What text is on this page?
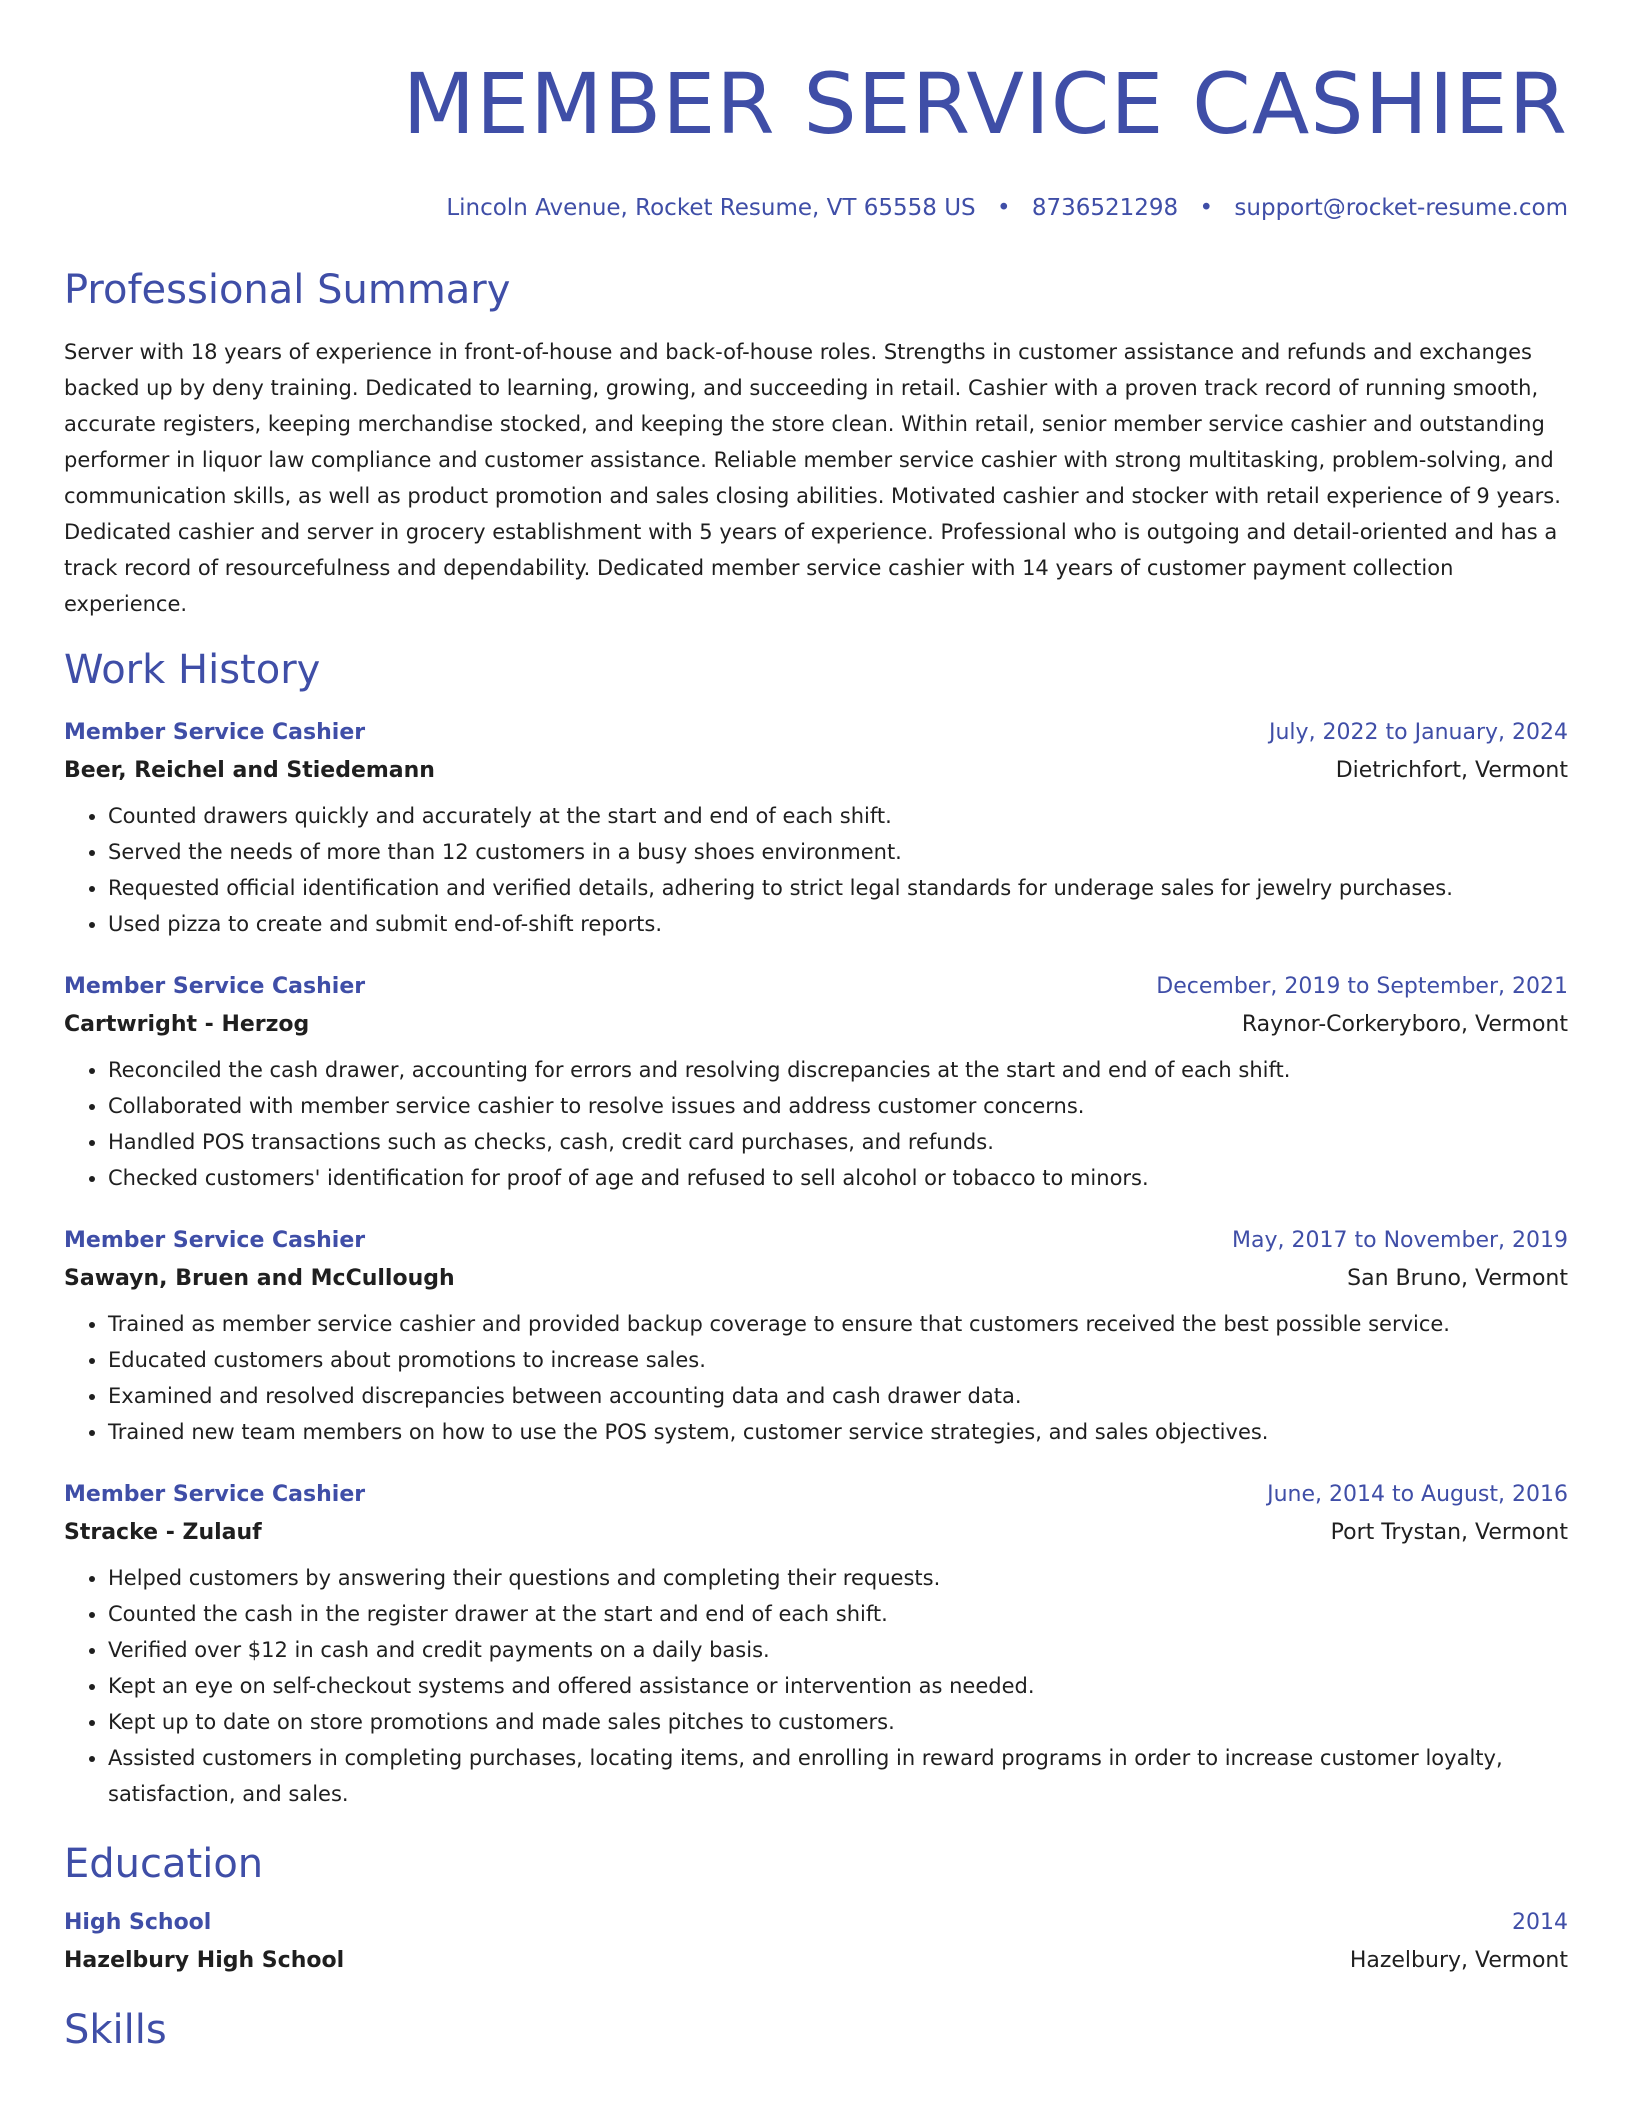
MEMBER SERVICE CASHIER
Lincoln Avenue, Rocket Resume, VT 65558 US • 8736521298 • support@rocket-resume.com
Professional Summary
Server with 18 years of experience in front-of-house and back-of-house roles. Strengths in customer assistance and refunds and exchanges backed up by deny training. Dedicated to learning, growing, and succeeding in retail. Cashier with a proven track record of running smooth, accurate registers, keeping merchandise stocked, and keeping the store clean. Within retail, senior member service cashier and outstanding performer in liquor law compliance and customer assistance. Reliable member service cashier with strong multitasking, problem-solving, and communication skills, as well as product promotion and sales closing abilities. Motivated cashier and stocker with retail experience of 9 years. Dedicated cashier and server in grocery establishment with 5 years of experience. Professional who is outgoing and detail-oriented and has a track record of resourcefulness and dependability. Dedicated member service cashier with 14 years of customer payment collection experience.
Work History
Member Service Cashier	July, 2022 to January, 2024
Beer, Reichel and Stiedemann	Dietrichfort, Vermont
• Counted drawers quickly and accurately at the start and end of each shift.
• Served the needs of more than 12 customers in a busy shoes environment.
• Requested official identification and verified details, adhering to strict legal standards for underage sales for jewelry purchases.
• Used pizza to create and submit end-of-shift reports.
Member Service Cashier	December, 2019 to September, 2021
Cartwright - Herzog	Raynor-Corkeryboro, Vermont
• Reconciled the cash drawer, accounting for errors and resolving discrepancies at the start and end of each shift.
• Collaborated with member service cashier to resolve issues and address customer concerns.
• Handled POS transactions such as checks, cash, credit card purchases, and refunds.
• Checked customers' identification for proof of age and refused to sell alcohol or tobacco to minors.
Member Service Cashier	May, 2017 to November, 2019
Sawayn, Bruen and McCullough	San Bruno, Vermont
• Trained as member service cashier and provided backup coverage to ensure that customers received the best possible service.
• Educated customers about promotions to increase sales.
• Examined and resolved discrepancies between accounting data and cash drawer data.
• Trained new team members on how to use the POS system, customer service strategies, and sales objectives.
Member Service Cashier	June, 2014 to August, 2016
Stracke - Zulauf	Port Trystan, Vermont
• Helped customers by answering their questions and completing their requests.
• Counted the cash in the register drawer at the start and end of each shift.
• Verified over $12 in cash and credit payments on a daily basis.
• Kept an eye on self-checkout systems and offered assistance or intervention as needed.
• Kept up to date on store promotions and made sales pitches to customers.
• Assisted customers in completing purchases, locating items, and enrolling in reward programs in order to increase customer loyalty, satisfaction, and sales.
Education
High School	2014
Hazelbury High School	Hazelbury, Vermont
Skills
